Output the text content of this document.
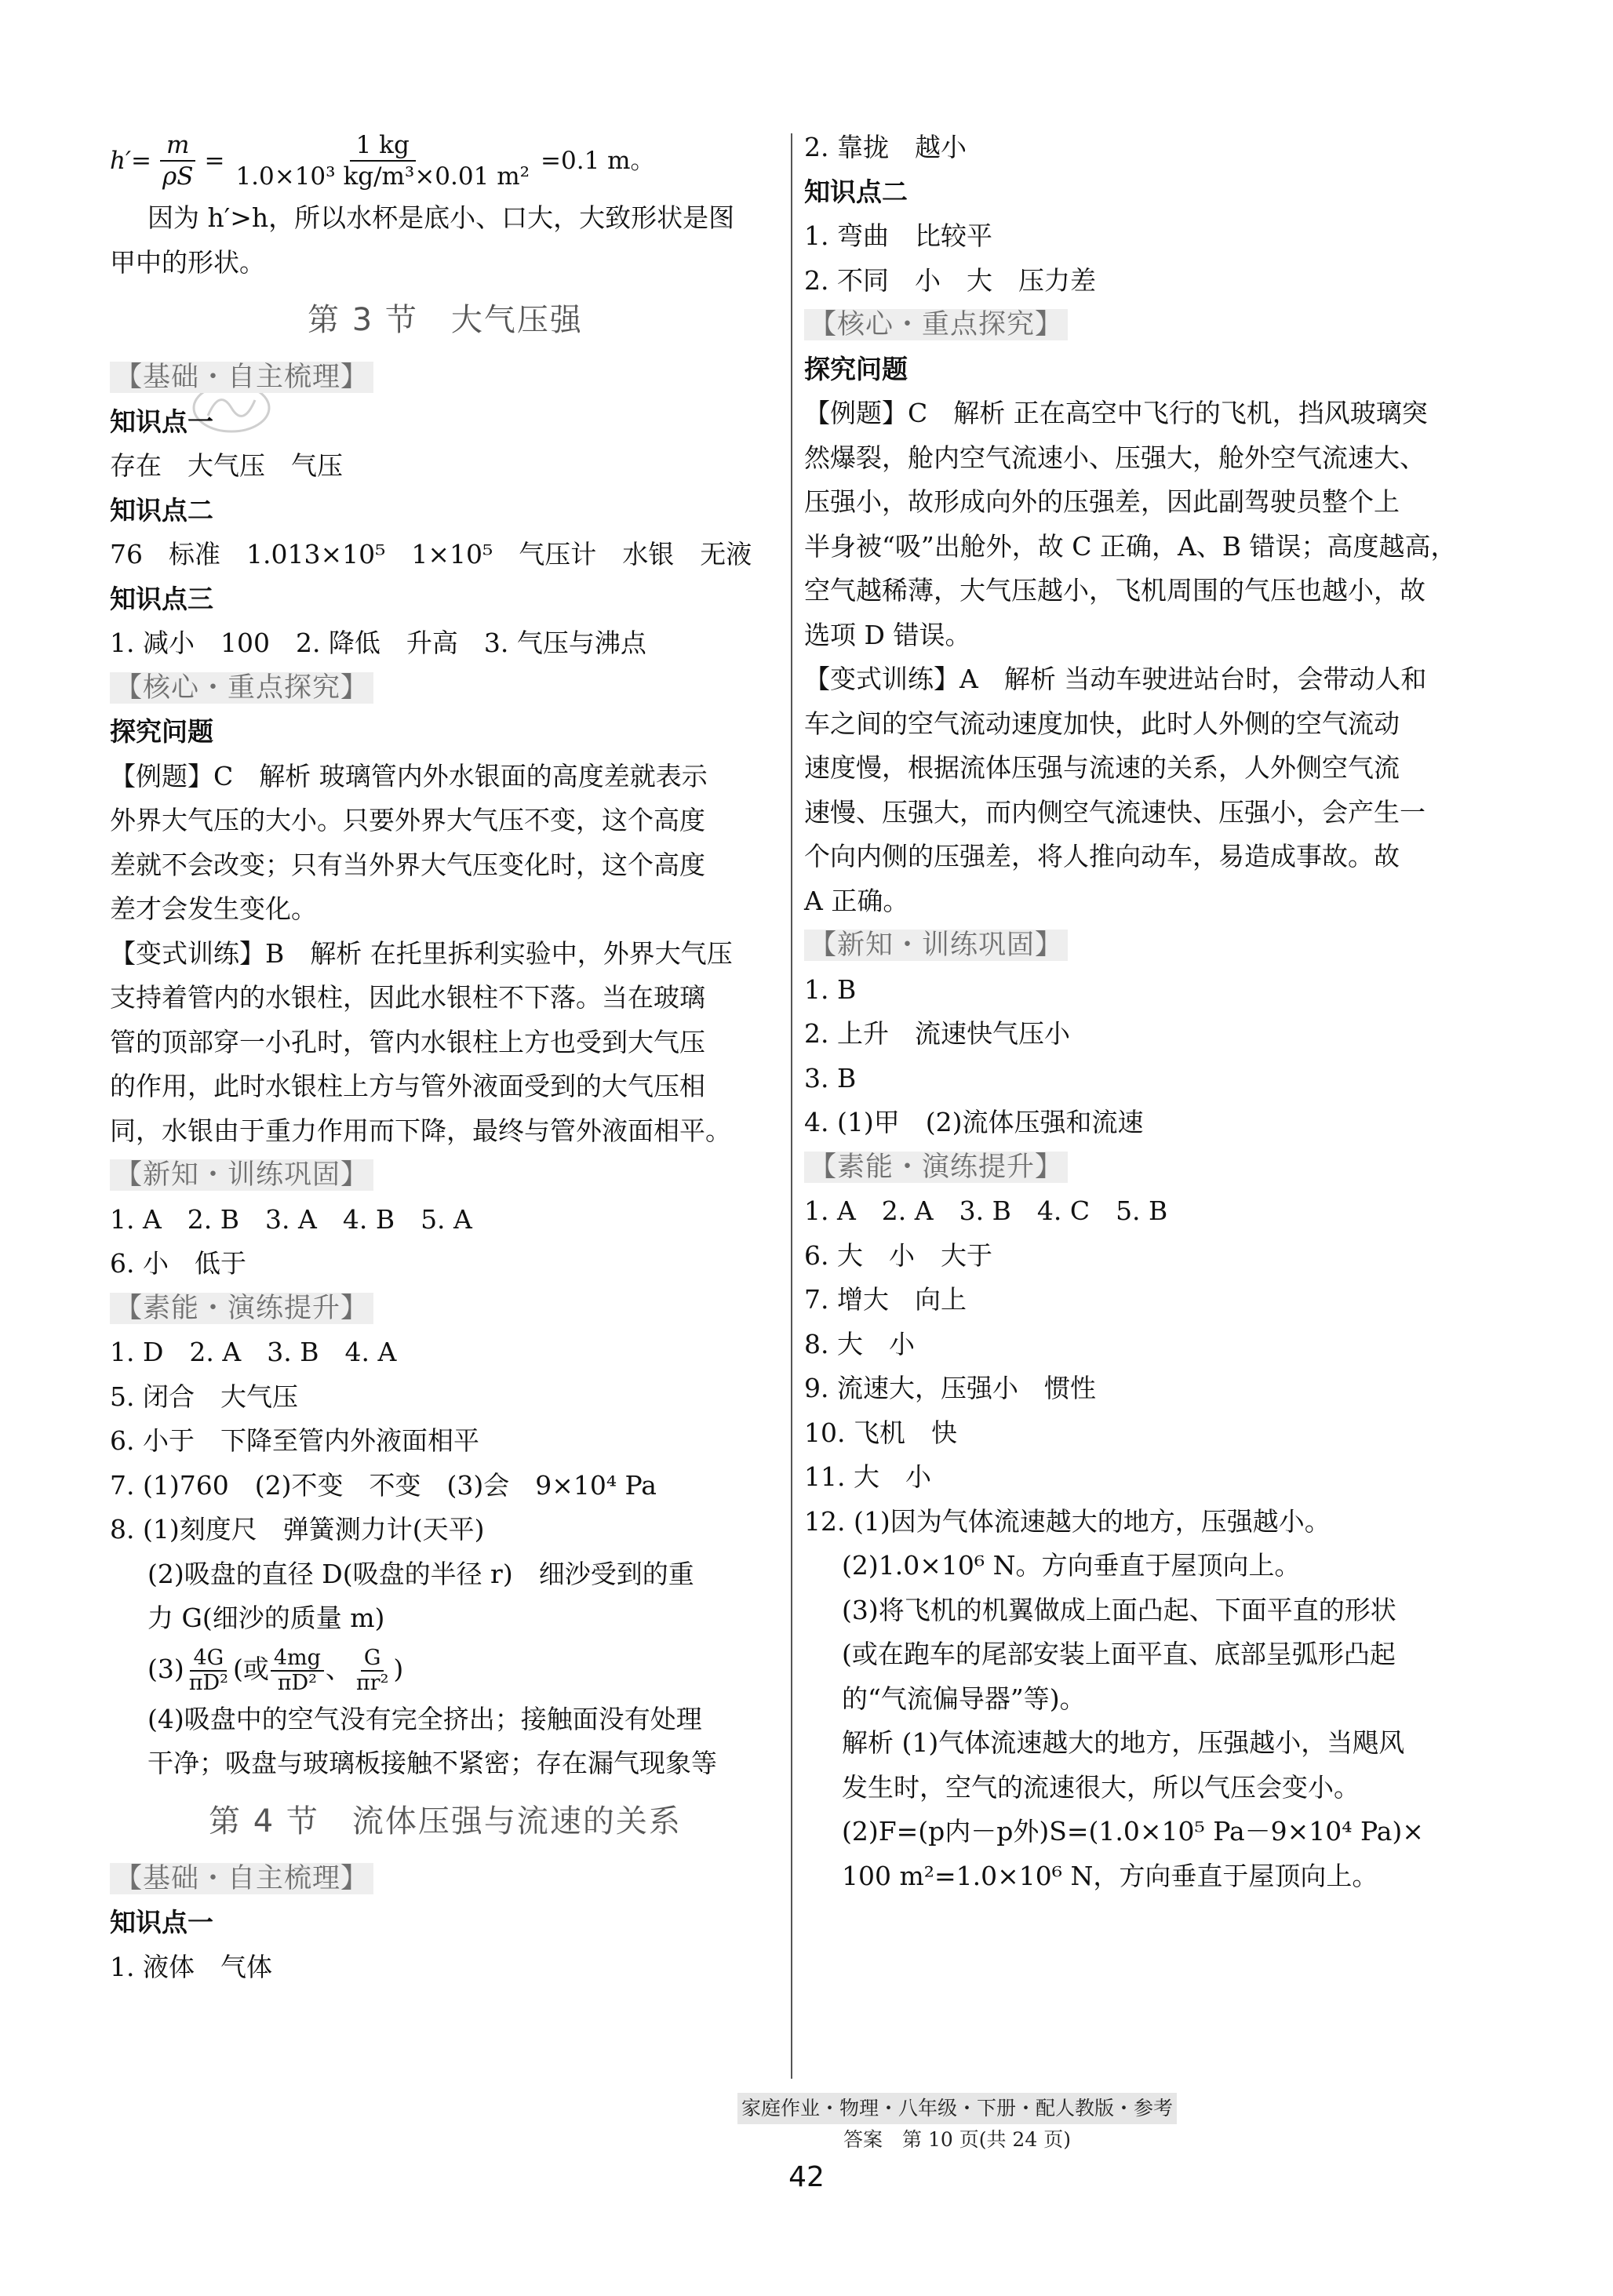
$h'= \frac{m}{\rho S} = \frac{1 kg}{\text{1.0×10³ kg/m³×0.01 m²}} =0.1$ m。
因为 h′>h，所以水杯是底小、口大，大致形状是图
甲中的形状。
第 3 节　大气压强
【基础・自主梳理】
知识点一
存在　大气压　气压
知识点二
76　标准　1.013×10⁵　1×10⁵　气压计　水银　无液
知识点三
1. 减小　100　2. 降低　升高　3. 气压与沸点
【核心・重点探究】
探究问题
【例题】C　解析 玻璃管内外水银面的高度差就表示
外界大气压的大小。只要外界大气压不变，这个高度
差就不会改变；只有当外界大气压变化时，这个高度
差才会发生变化。
【变式训练】B　解析 在托里拆利实验中，外界大气压
支持着管内的水银柱，因此水银柱不下落。当在玻璃
管的顶部穿一小孔时，管内水银柱上方也受到大气压
的作用，此时水银柱上方与管外液面受到的大气压相
同，水银由于重力作用而下降，最终与管外液面相平。
【新知・训练巩固】
1. A　2. B　3. A　4. B　5. A
6. 小　低于
【素能・演练提升】
1. D　2. A　3. B　4. A
5. 闭合　大气压
6. 小于　下降至管内外液面相平
7. (1)760　(2)不变　不变　(3)会　9×10⁴ Pa
8. (1)刻度尺　弹簧测力计(天平)
(2)吸盘的直径 D(吸盘的半径 r)　细沙受到的重
力 G(细沙的质量 m)
$(3) \frac{4G}{\text{πD²}}$ (或 $\frac{4mg}{\text{πD²}}$ 、 $\frac{G}{\text{πr²}}$ )
(4)吸盘中的空气没有完全挤出；接触面没有处理
干净；吸盘与玻璃板接触不紧密；存在漏气现象等
第 4 节　流体压强与流速的关系
【基础・自主梳理】
知识点一
1. 液体　气体
2. 靠拢　越小
知识点二
1. 弯曲　比较平
2. 不同　小　大　压力差
【核心・重点探究】
探究问题
【例题】C　解析 正在高空中飞行的飞机，挡风玻璃突
然爆裂，舱内空气流速小、压强大，舱外空气流速大、
压强小，故形成向外的压强差，因此副驾驶员整个上
半身被“吸”出舱外，故 C 正确，A、B 错误；高度越高，
空气越稀薄，大气压越小，飞机周围的气压也越小，故
选项 D 错误。
【变式训练】A　解析 当动车驶进站台时，会带动人和
车之间的空气流动速度加快，此时人外侧的空气流动
速度慢，根据流体压强与流速的关系，人外侧空气流
速慢、压强大，而内侧空气流速快、压强小，会产生一
个向内侧的压强差，将人推向动车，易造成事故。故
A 正确。
【新知・训练巩固】
1. B
2. 上升　流速快气压小
3. B
4. (1)甲　(2)流体压强和流速
【素能・演练提升】
1. A　2. A　3. B　4. C　5. B
6. 大　小　大于
7. 增大　向上
8. 大　小
9. 流速大，压强小　惯性
10. 飞机　快
11. 大　小
12. (1)因为气体流速越大的地方，压强越小。
(2)1.0×10⁶ N。方向垂直于屋顶向上。
(3)将飞机的机翼做成上面凸起、下面平直的形状
(或在跑车的尾部安装上面平直、底部呈弧形凸起
的“气流偏导器”等)。
解析 (1)气体流速越大的地方，压强越小，当飓风
发生时，空气的流速很大，所以气压会变小。
(2)F=(p内－p外)S=(1.0×10⁵ Pa－9×10⁴ Pa)×
100 m²=1.0×10⁶ N，方向垂直于屋顶向上。
家庭作业・物理・八年级・下册・配人教版・参考答案　第 10 页(共 24 页)
42
